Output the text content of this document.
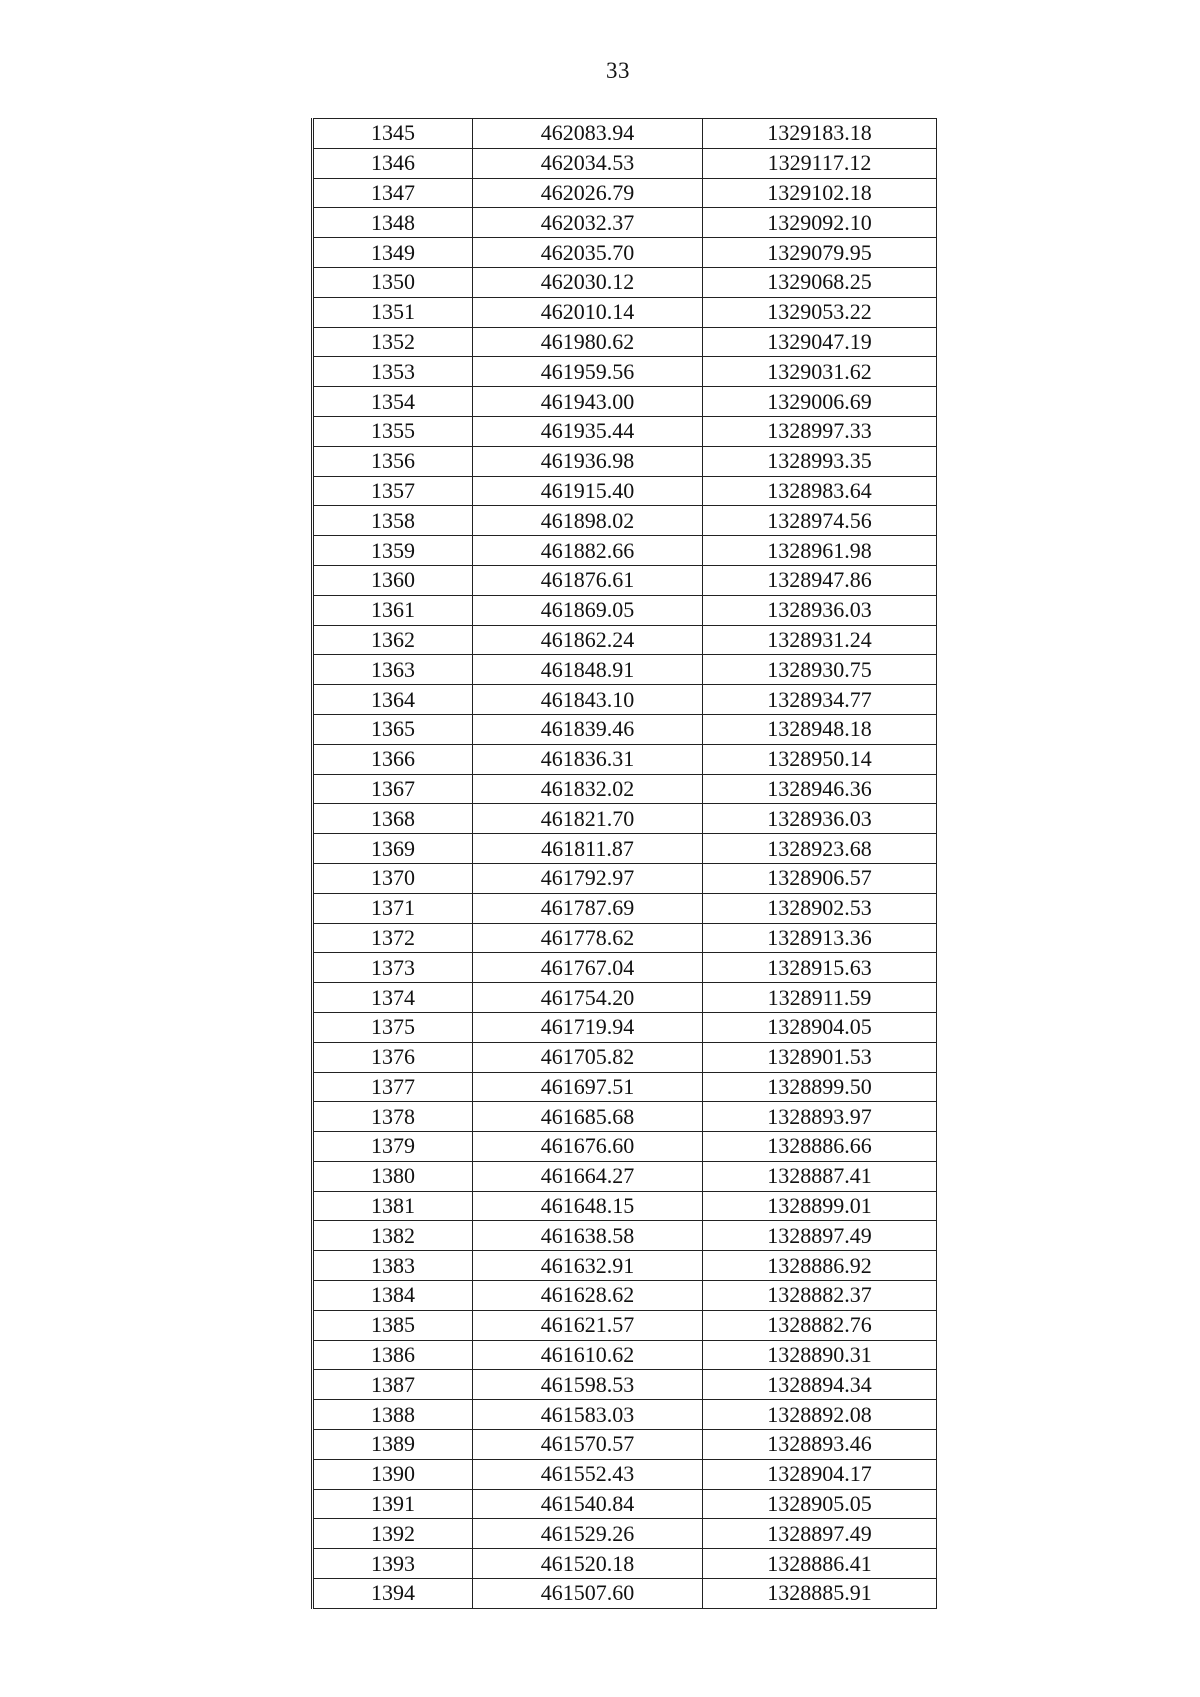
33
1345	462083.94	1329183.18
1346	462034.53	1329117.12
1347	462026.79	1329102.18
1348	462032.37	1329092.10
1349	462035.70	1329079.95
1350	462030.12	1329068.25
1351	462010.14	1329053.22
1352	461980.62	1329047.19
1353	461959.56	1329031.62
1354	461943.00	1329006.69
1355	461935.44	1328997.33
1356	461936.98	1328993.35
1357	461915.40	1328983.64
1358	461898.02	1328974.56
1359	461882.66	1328961.98
1360	461876.61	1328947.86
1361	461869.05	1328936.03
1362	461862.24	1328931.24
1363	461848.91	1328930.75
1364	461843.10	1328934.77
1365	461839.46	1328948.18
1366	461836.31	1328950.14
1367	461832.02	1328946.36
1368	461821.70	1328936.03
1369	461811.87	1328923.68
1370	461792.97	1328906.57
1371	461787.69	1328902.53
1372	461778.62	1328913.36
1373	461767.04	1328915.63
1374	461754.20	1328911.59
1375	461719.94	1328904.05
1376	461705.82	1328901.53
1377	461697.51	1328899.50
1378	461685.68	1328893.97
1379	461676.60	1328886.66
1380	461664.27	1328887.41
1381	461648.15	1328899.01
1382	461638.58	1328897.49
1383	461632.91	1328886.92
1384	461628.62	1328882.37
1385	461621.57	1328882.76
1386	461610.62	1328890.31
1387	461598.53	1328894.34
1388	461583.03	1328892.08
1389	461570.57	1328893.46
1390	461552.43	1328904.17
1391	461540.84	1328905.05
1392	461529.26	1328897.49
1393	461520.18	1328886.41
1394	461507.60	1328885.91
